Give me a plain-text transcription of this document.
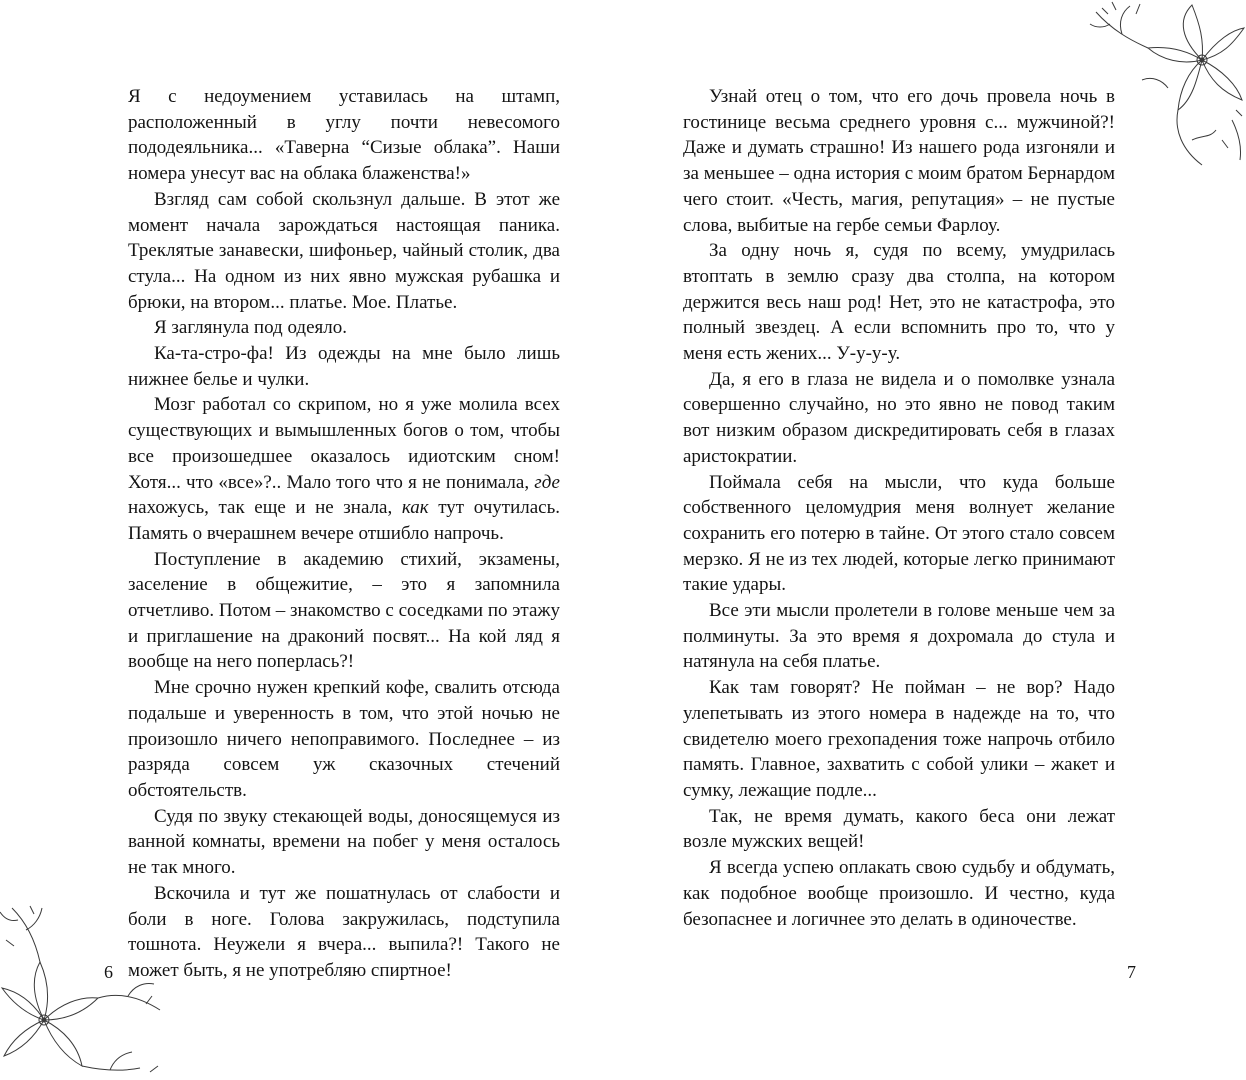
Я с недоумением уставилась на штамп, расположенный в углу почти невесомого пододеяльника... «Таверна “Сизые облака”. Наши номера унесут вас на облака блаженства!»

Взгляд сам собой скользнул дальше. В этот же момент начала зарождаться настоящая паника. Треклятые занавески, шифоньер, чайный столик, два стула... На одном из них явно мужская рубашка и брюки, на втором... платье. Мое. Платье.

Я заглянула под одеяло.

Ка-та-стро-фа! Из одежды на мне было лишь нижнее белье и чулки.

Мозг работал со скрипом, но я уже молила всех существующих и вымышленных богов о том, чтобы все произошедшее оказалось идиотским сном! Хотя... что «все»?.. Мало того что я не понимала, где нахожусь, так еще и не знала, как тут очутилась. Память о вчерашнем вечере отшибло напрочь.

Поступление в академию стихий, экзамены, заселение в общежитие, – это я запомнила отчетливо. Потом – знакомство с соседками по этажу и приглашение на драконий посвят... На кой ляд я вообще на него поперлась?!

Мне срочно нужен крепкий кофе, свалить отсюда подальше и уверенность в том, что этой ночью не произошло ничего непоправимого. Последнее – из разряда совсем уж сказочных стечений обстоятельств.

Судя по звуку стекающей воды, доносящемуся из ванной комнаты, времени на побег у меня осталось не так много.

Вскочила и тут же пошатнулась от слабости и боли в ноге. Голова закружилась, подступила тошнота. Неужели я вчера... выпила?! Такого не может быть, я не употребляю спиртное!

6

Узнай отец о том, что его дочь провела ночь в гостинице весьма среднего уровня с... мужчиной?! Даже и думать страшно! Из нашего рода изгоняли и за меньшее – одна история с моим братом Бернардом чего стоит. «Честь, магия, репутация» – не пустые слова, выбитые на гербе семьи Фарлоу.

За одну ночь я, судя по всему, умудрилась втоптать в землю сразу два столпа, на котором держится весь наш род! Нет, это не катастрофа, это полный звездец. А если вспомнить про то, что у меня есть жених... У-у-у-у.

Да, я его в глаза не видела и о помолвке узнала совершенно случайно, но это явно не повод таким вот низким образом дискредитировать себя в глазах аристократии.

Поймала себя на мысли, что куда больше собственного целомудрия меня волнует желание сохранить его потерю в тайне. От этого стало совсем мерзко. Я не из тех людей, которые легко принимают такие удары.

Все эти мысли пролетели в голове меньше чем за полминуты. За это время я дохромала до стула и натянула на себя платье.

Как там говорят? Не пойман – не вор? Надо улепетывать из этого номера в надежде на то, что свидетелю моего грехопадения тоже напрочь отбило память. Главное, захватить с собой улики – жакет и сумку, лежащие подле...

Так, не время думать, какого беса они лежат возле мужских вещей!

Я всегда успею оплакать свою судьбу и обдумать, как подобное вообще произошло. И честно, куда безопаснее и логичнее это делать в одиночестве.

7
